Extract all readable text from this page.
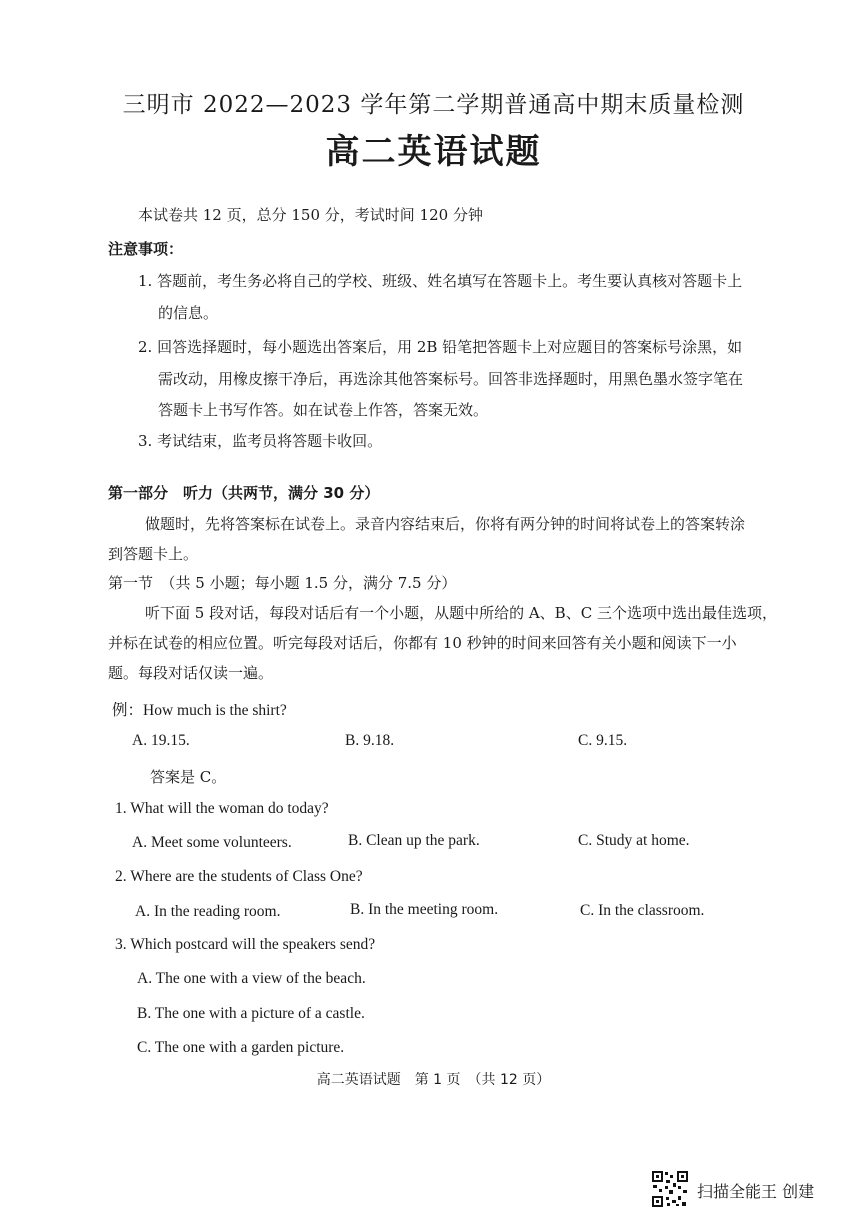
三明市 2022—2023 学年第二学期普通高中期末质量检测
高二英语试题
本试卷共 12 页，总分 150 分，考试时间 120 分钟
注意事项：
1. 答题前，考生务必将自己的学校、班级、姓名填写在答题卡上。考生要认真核对答题卡上
的信息。
2. 回答选择题时，每小题选出答案后，用 2B 铅笔把答题卡上对应题目的答案标号涂黑，如
需改动，用橡皮擦干净后，再选涂其他答案标号。回答非选择题时，用黑色墨水签字笔在
答题卡上书写作答。如在试卷上作答，答案无效。
3. 考试结束，监考员将答题卡收回。
第一部分　听力（共两节，满分 30 分）
做题时，先将答案标在试卷上。录音内容结束后，你将有两分钟的时间将试卷上的答案转涂
到答题卡上。
第一节　（共 5 小题；每小题 1.5 分，满分 7.5 分）
听下面 5 段对话，每段对话后有一个小题，从题中所给的 A、B、C 三个选项中选出最佳选项，
并标在试卷的相应位置。听完每段对话后，你都有 10 秒钟的时间来回答有关小题和阅读下一小
题。每段对话仅读一遍。
例：How much is the shirt?
A. 19.15.	B. 9.18.	C. 9.15.
答案是 C。
1. What will the woman do today?
A. Meet some volunteers.	B. Clean up the park.	C. Study at home.
2. Where are the students of Class One?
A. In the reading room.	B. In the meeting room.	C. In the classroom.
3. Which postcard will the speakers send?
A. The one with a view of the beach.
B. The one with a picture of a castle.
C. The one with a garden picture.
高二英语试题　第 1 页　（共 12 页）
扫描全能王 创建
